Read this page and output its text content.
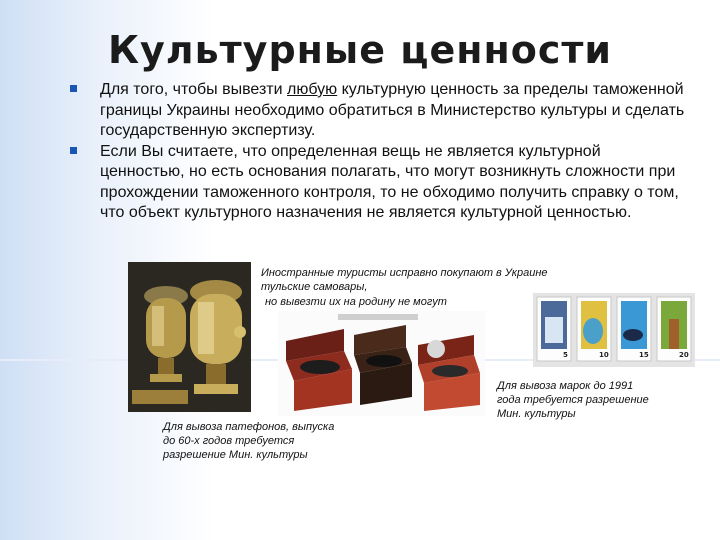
Культурные ценности
Для того, чтобы вывезти любую культурную ценность за пределы таможенной границы Украины необходимо обратиться в Министерство культуры и сделать государственную экспертизу.
Если Вы считаете, что определенная вещь не является культурной ценностью, но есть основания полагать, что могут возникнуть сложности при прохождении таможенного контроля, то не обходимо получить справку о том, что объект культурного назначения не является культурной ценностью.
Иностранные туристы исправно покупают в Украине
тульские самовары,
но вывезти их на родину не могут
5	10	15	20
Для вывоза марок до 1991
года требуется разрешение
Мин. культуры
Для вывоза патефонов, выпуска
до 60-х годов требуется
разрешение Мин. культуры
